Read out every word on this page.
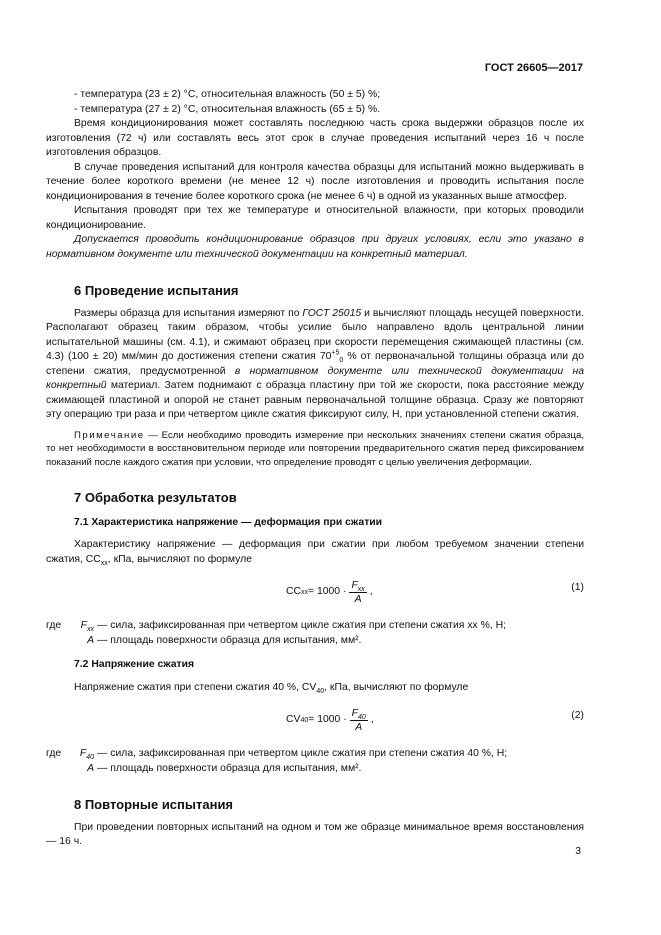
ГОСТ 26605—2017

- температура (23 ± 2) °С, относительная влажность (50 ± 5) %;

- температура (27 ± 2) °С, относительная влажность (65 ± 5) %.

Время кондиционирования может составлять последнюю часть срока выдержки образцов после их изготовления (72 ч) или составлять весь этот срок в случае проведения испытаний через 16 ч после изготовления образцов.

В случае проведения испытаний для контроля качества образцы для испытаний можно выдерживать в течение более короткого времени (не менее 12 ч) после изготовления и проводить испытания после кондиционирования в течение более короткого срока (не менее 6 ч) в одной из указанных выше атмосфер.

Испытания проводят при тех же температуре и относительной влажности, при которых проводили кондиционирование.

Допускается проводить кондиционирование образцов при других условиях, если это указано в нормативном документе или технической документации на конкретный материал.

6 Проведение испытания

Размеры образца для испытания измеряют по ГОСТ 25015 и вычисляют площадь несущей поверхности. Располагают образец таким образом, чтобы усилие было направлено вдоль центральной линии испытательной машины (см. 4.1), и сжимают образец при скорости перемещения сжимающей пластины (см. 4.3) (100 ± 20) мм/мин до достижения степени сжатия $70^{+5}_0$ % от первоначальной толщины образца или до степени сжатия, предусмотренной в нормативном документе или технической документации на конкретный материал. Затем поднимают с образца пластину при той же скорости, пока расстояние между сжимающей пластиной и опорой не станет равным первоначальной толщине образца. Сразу же повторяют эту операцию три раза и при четвертом цикле сжатия фиксируют силу, Н, при установленной степени сжатия.

Примечание — Если необходимо проводить измерение при нескольких значениях степени сжатия образца, то нет необходимости в восстановительном периоде или повторении предварительного сжатия перед фиксированием показаний после каждого сжатия при условии, что определение проводят с целью увеличения деформации.

7 Обработка результатов
7.1 Характеристика напряжение — деформация при сжатии

Характеристику напряжение — деформация при сжатии при любом требуемом значении степени сжатия, $CC_{xx}$, кПа, вычисляют по формуле

CC xx = $1000 \cdot \frac{F_{xx}}{A}$ ,	(1)
где	$F_{xx}$ — сила, зафиксированная при четвертом цикле сжатия при степени сжатия xx %, Н;
A — площадь поверхности образца для испытания, мм².
7.2 Напряжение сжатия

Напряжение сжатия при степени сжатия 40 %, $CV_{40}$, кПа, вычисляют по формуле

CV $40 = 1000 \cdot \frac{F_{40}}{A}$ ,	(2)
где	$F_{40}$ — сила, зафиксированная при четвертом цикле сжатия при степени сжатия 40 %, Н;
A — площадь поверхности образца для испытания, мм².
8 Повторные испытания

При проведении повторных испытаний на одном и том же образце минимальное время восстановления — 16 ч.

3
